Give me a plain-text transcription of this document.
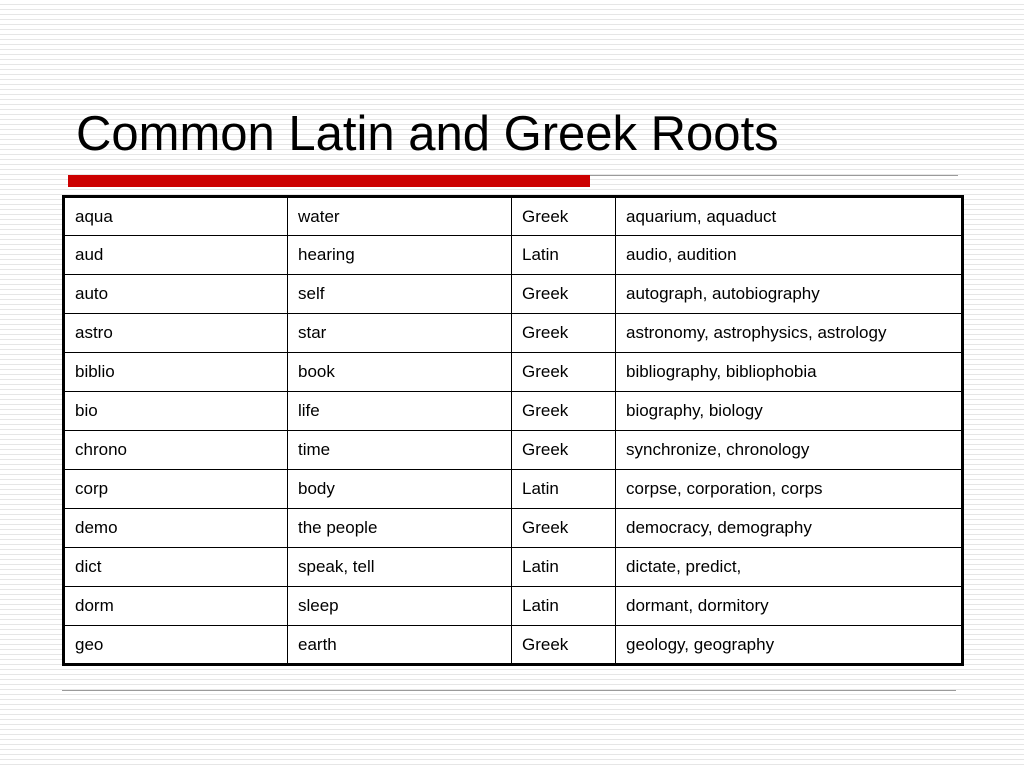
Common Latin and Greek Roots
aqua	water	Greek	aquarium, aquaduct
aud	hearing	Latin	audio, audition
auto	self	Greek	autograph, autobiography
astro	star	Greek	astronomy, astrophysics, astrology
biblio	book	Greek	bibliography, bibliophobia
bio	life	Greek	biography, biology
chrono	time	Greek	synchronize, chronology
corp	body	Latin	corpse, corporation, corps
demo	the people	Greek	democracy, demography
dict	speak, tell	Latin	dictate, predict,
dorm	sleep	Latin	dormant, dormitory
geo	earth	Greek	geology, geography
